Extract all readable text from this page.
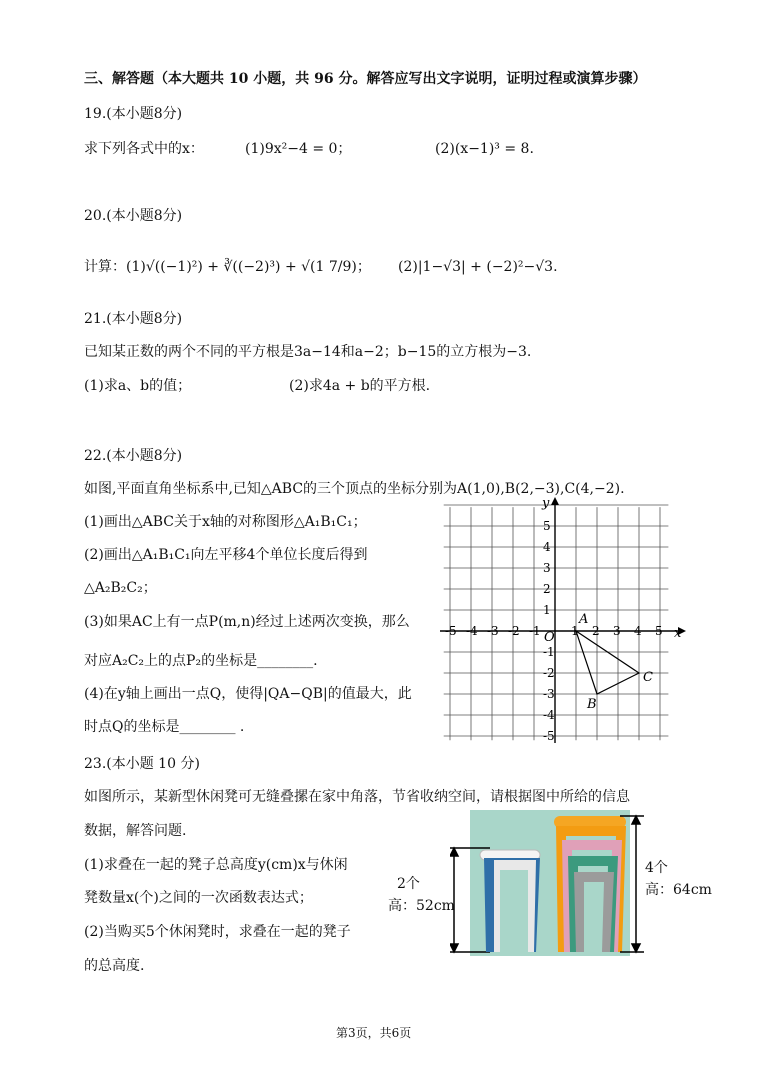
三、解答题（本大题共 10 小题，共 96 分。解答应写出文字说明，证明过程或演算步骤）
19.(本小题8分)
求下列各式中的x：	(1)9x²−4 = 0；	(2)(x−1)³ = 8.
20.(本小题8分)
计算：(1)√((−1)²) + ∛((−2)³) + √(1 7/9)； (2)|1−√3| + (−2)²−√3.
21.(本小题8分)
已知某正数的两个不同的平方根是3a−14和a−2；b−15的立方根为−3.
(1)求a、b的值；	(2)求4a + b的平方根.
22.(本小题8分)
如图,平面直角坐标系中,已知△ABC的三个顶点的坐标分别为A(1,0),B(2,−3),C(4,−2).
(1)画出△ABC关于x轴的对称图形△A₁B₁C₁；
(2)画出△A₁B₁C₁向左平移4个单位长度后得到
△A₂B₂C₂；
(3)如果AC上有一点P(m,n)经过上述两次变换，那么
对应A₂C₂上的点P₂的坐标是________.
(4)在y轴上画出一点Q，使得|QA−QB|的值最大，此
时点Q的坐标是________ .
x
y
O
-5 -4 -3 -2 -1	1 2 3 4 5
5
4
3
2
1
-1
-2
-3
-4
-5
A
B
C
23.(本小题 10 分)
如图所示，某新型休闲凳可无缝叠摞在家中角落，节省收纳空间，请根据图中所给的信息
数据，解答问题.
(1)求叠在一起的凳子总高度y(cm)x与休闲
凳数量x(个)之间的一次函数表达式；
(2)当购买5个休闲凳时，求叠在一起的凳子
的总高度.
2个
高：52cm
4个
高：64cm
第3页，共6页
